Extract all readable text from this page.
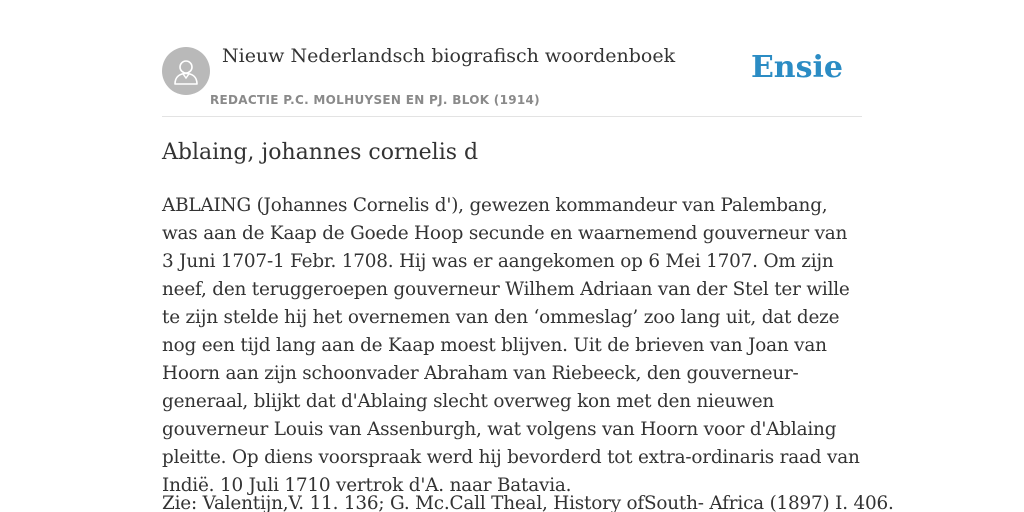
Nieuw Nederlandsch biografisch woordenboek
REDACTIE P.C. MOLHUYSEN EN PJ. BLOK (1914)
Ensie
Ablaing, johannes cornelis d

ABLAING (Johannes Cornelis d'), gewezen kommandeur van Palembang, was aan de Kaap de Goede Hoop secunde en waarnemend gouverneur van 3 Juni 1707-1 Febr. 1708. Hij was er aangekomen op 6 Mei 1707. Om zijn neef, den teruggeroepen gouverneur Wilhem Adriaan van der Stel ter wille te zijn stelde hij het overnemen van den ‘ommeslag’ zoo lang uit, dat deze nog een tijd lang aan de Kaap moest blijven. Uit de brieven van Joan van Hoorn aan zijn schoonvader Abraham van Riebeeck, den gouverneur-generaal, blijkt dat d'Ablaing slecht overweg kon met den nieuwen gouverneur Louis van Assenburgh, wat volgens van Hoorn voor d'Ablaing pleitte. Op diens voorspraak werd hij bevorderd tot extra-ordinaris raad van Indië. 10 Juli 1710 vertrok d'A. naar Batavia.

Zie: Valentijn,V. 11. 136; G. Mc.Call Theal, History ofSouth- Africa (1897) I. 406.
